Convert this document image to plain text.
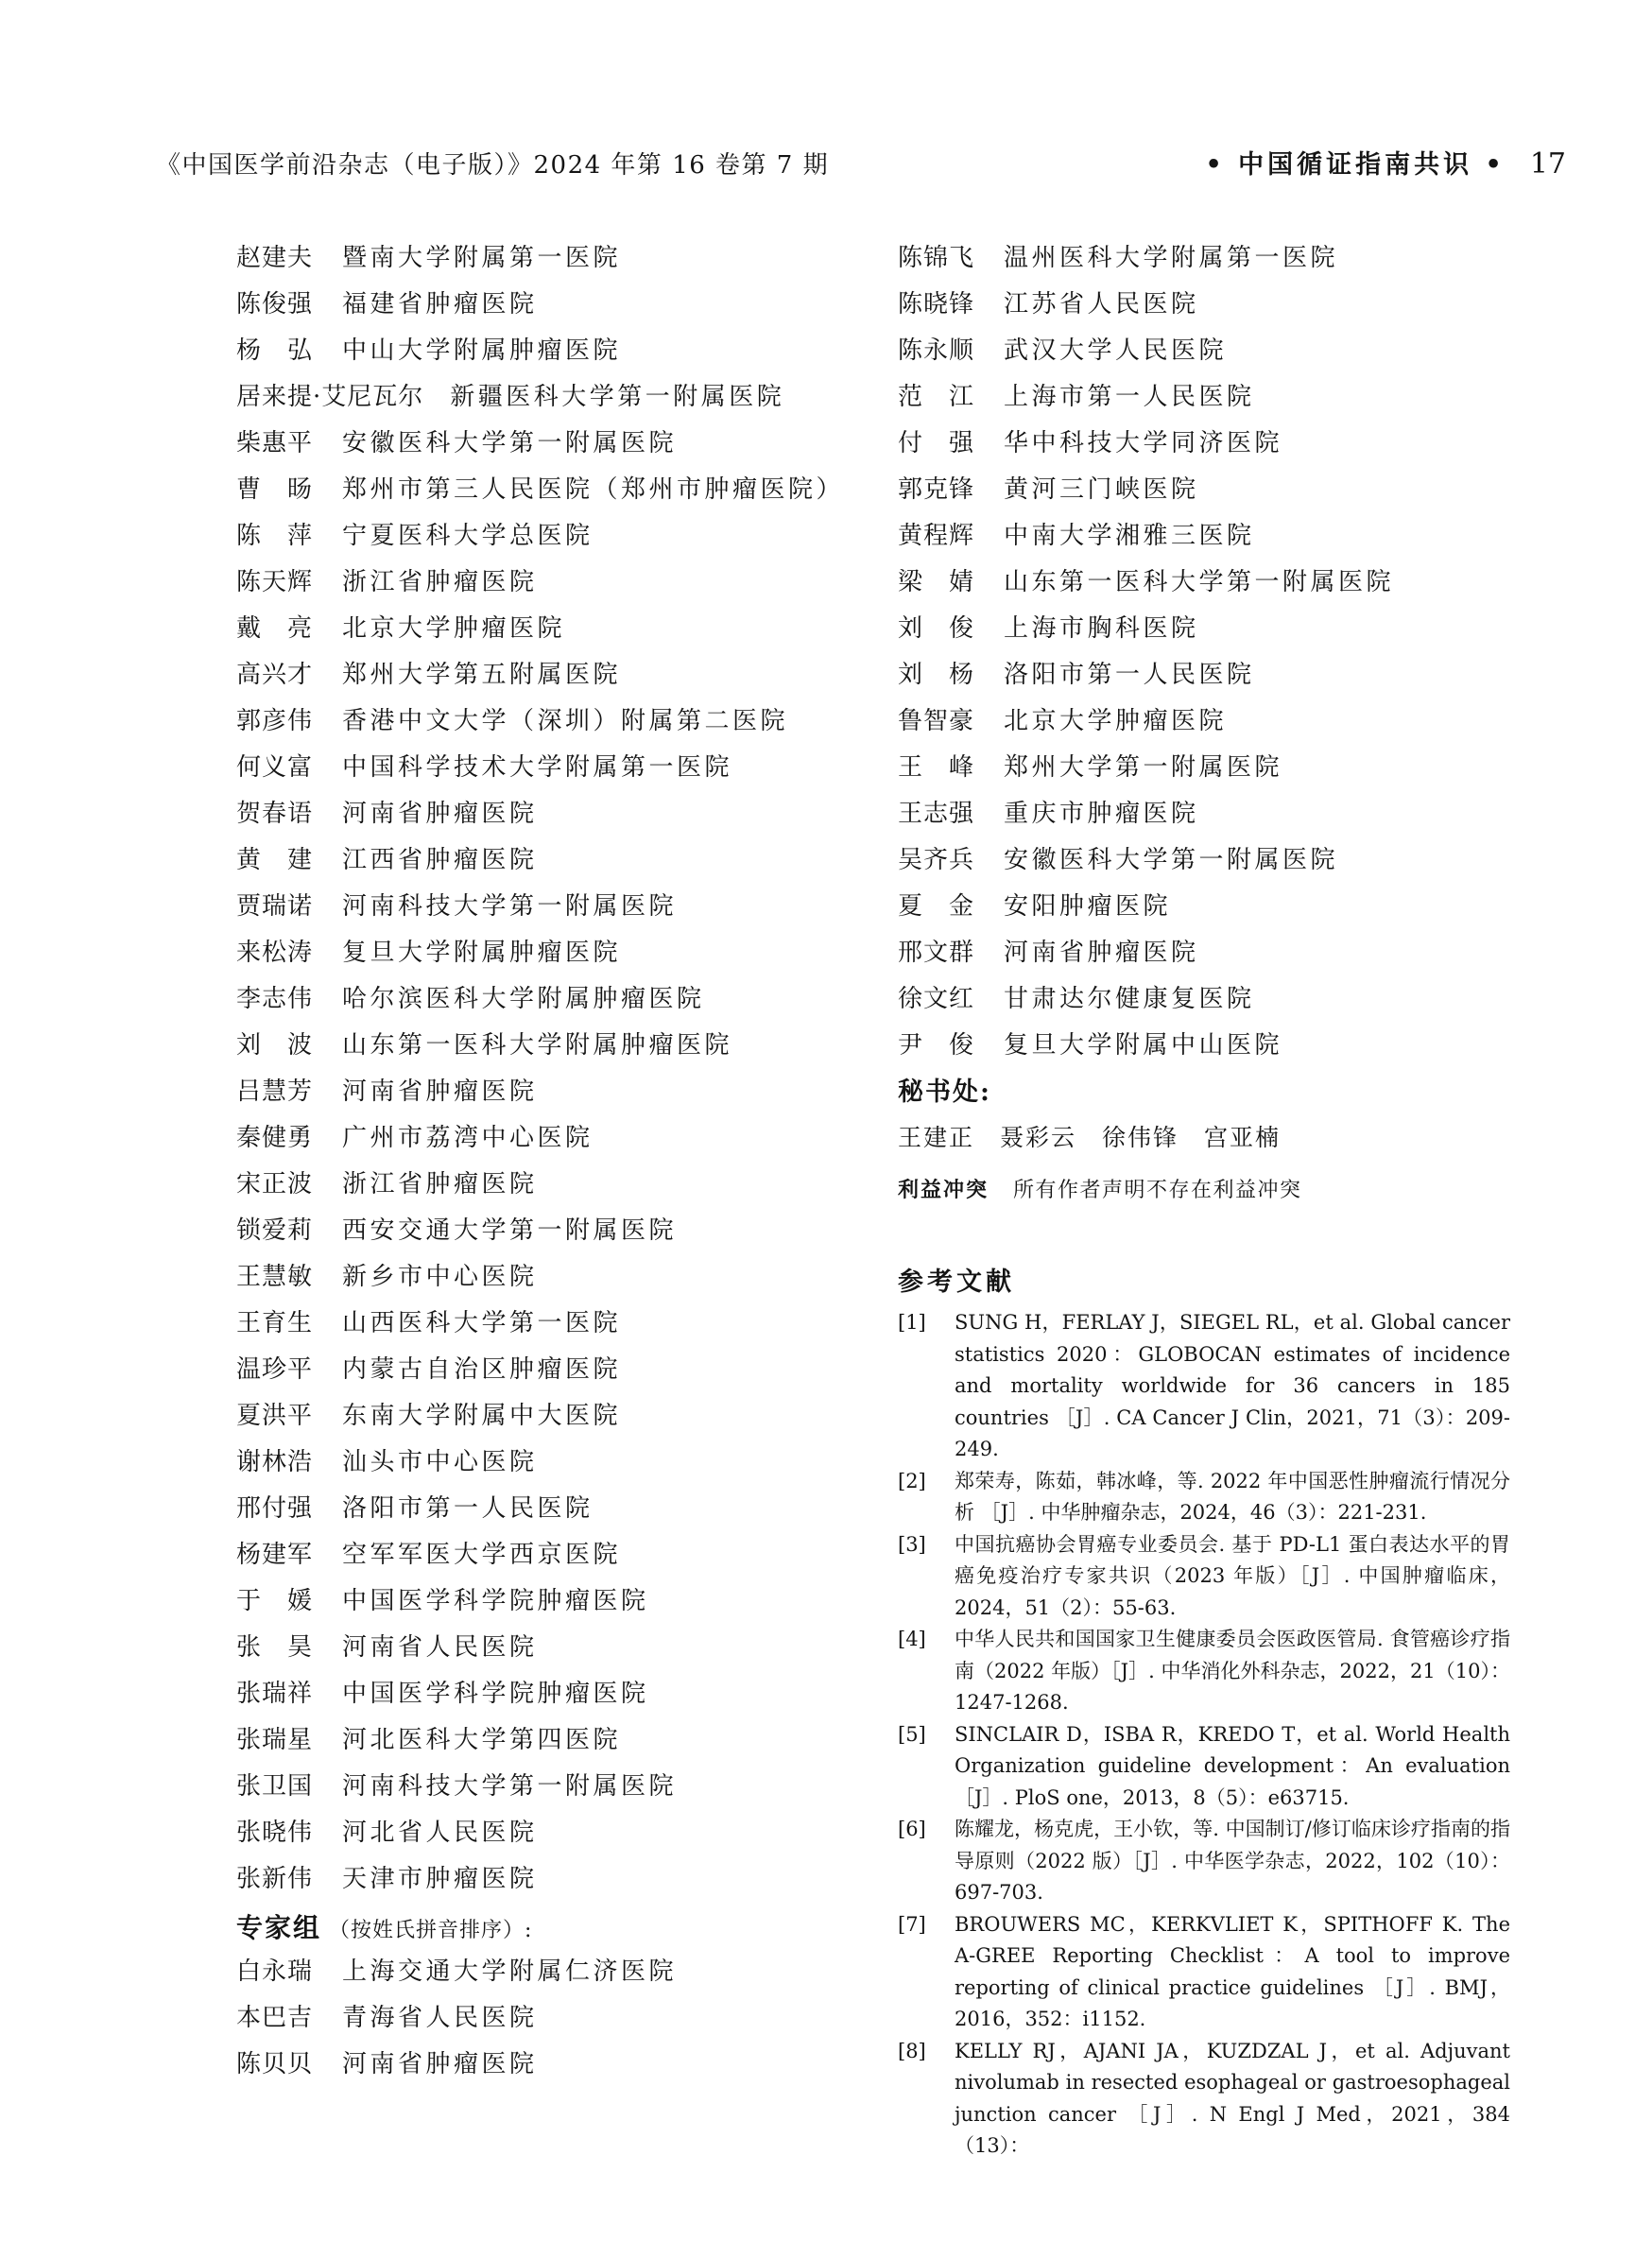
《中国医学前沿杂志（电子版）》2024 年第 16 卷第 7 期	• 中国循证指南共识 • 17
赵建夫 暨南大学附属第一医院
陈俊强 福建省肿瘤医院
杨　弘 中山大学附属肿瘤医院
居来提·艾尼瓦尔 新疆医科大学第一附属医院
柴惠平 安徽医科大学第一附属医院
曹　旸 郑州市第三人民医院（郑州市肿瘤医院）
陈　萍 宁夏医科大学总医院
陈天辉 浙江省肿瘤医院
戴　亮 北京大学肿瘤医院
高兴才 郑州大学第五附属医院
郭彦伟 香港中文大学（深圳）附属第二医院
何义富 中国科学技术大学附属第一医院
贺春语 河南省肿瘤医院
黄　建 江西省肿瘤医院
贾瑞诺 河南科技大学第一附属医院
来松涛 复旦大学附属肿瘤医院
李志伟 哈尔滨医科大学附属肿瘤医院
刘　波 山东第一医科大学附属肿瘤医院
吕慧芳 河南省肿瘤医院
秦健勇 广州市荔湾中心医院
宋正波 浙江省肿瘤医院
锁爱莉 西安交通大学第一附属医院
王慧敏 新乡市中心医院
王育生 山西医科大学第一医院
温珍平 内蒙古自治区肿瘤医院
夏洪平 东南大学附属中大医院
谢林浩 汕头市中心医院
邢付强 洛阳市第一人民医院
杨建军 空军军医大学西京医院
于　媛 中国医学科学院肿瘤医院
张　昊 河南省人民医院
张瑞祥 中国医学科学院肿瘤医院
张瑞星 河北医科大学第四医院
张卫国 河南科技大学第一附属医院
张晓伟 河北省人民医院
张新伟 天津市肿瘤医院
专家组 （按姓氏拼音排序）:
白永瑞 上海交通大学附属仁济医院
本巴吉 青海省人民医院
陈贝贝 河南省肿瘤医院
陈锦飞 温州医科大学附属第一医院
陈晓锋 江苏省人民医院
陈永顺 武汉大学人民医院
范　江 上海市第一人民医院
付　强 华中科技大学同济医院
郭克锋 黄河三门峡医院
黄程辉 中南大学湘雅三医院
梁　婧 山东第一医科大学第一附属医院
刘　俊 上海市胸科医院
刘　杨 洛阳市第一人民医院
鲁智豪 北京大学肿瘤医院
王　峰 郑州大学第一附属医院
王志强 重庆市肿瘤医院
吴齐兵 安徽医科大学第一附属医院
夏　金 安阳肿瘤医院
邢文群 河南省肿瘤医院
徐文红 甘肃达尔健康复医院
尹　俊 复旦大学附属中山医院
秘书处:
王建正　聂彩云　徐伟锋　宫亚楠
利益冲突 所有作者声明不存在利益冲突
参考文献
[1]	SUNG H，FERLAY J，SIEGEL RL，et al. Global cancer statistics 2020：GLOBOCAN estimates of incidence and mortality worldwide for 36 cancers in 185 countries ［J］. CA Cancer J Clin，2021，71（3）：209-249.
[2]	郑荣寿，陈茹，韩冰峰，等. 2022 年中国恶性肿瘤流行情况分析 ［J］. 中华肿瘤杂志，2024，46（3）：221-231.
[3]	中国抗癌协会胃癌专业委员会. 基于 PD-L1 蛋白表达水平的胃癌免疫治疗专家共识（2023 年版）［J］. 中国肿瘤临床，2024，51（2）：55-63.
[4]	中华人民共和国国家卫生健康委员会医政医管局. 食管癌诊疗指南（2022 年版）［J］. 中华消化外科杂志，2022，21（10）：1247-1268.
[5]	SINCLAIR D，ISBA R，KREDO T，et al. World Health Organization guideline development：An evaluation ［J］. PloS one，2013，8（5）：e63715.
[6]	陈耀龙，杨克虎，王小钦，等. 中国制订/修订临床诊疗指南的指导原则（2022 版）［J］. 中华医学杂志，2022，102（10）：697-703.
[7]	BROUWERS MC，KERKVLIET K，SPITHOFF K. The A-GREE Reporting Checklist：A tool to improve reporting of clinical practice guidelines ［J］. BMJ，2016，352：i1152.
[8]	KELLY RJ，AJANI JA，KUZDZAL J，et al. Adjuvant nivolumab in resected esophageal or gastroesophageal junction cancer ［J］. N Engl J Med，2021，384（13）：
